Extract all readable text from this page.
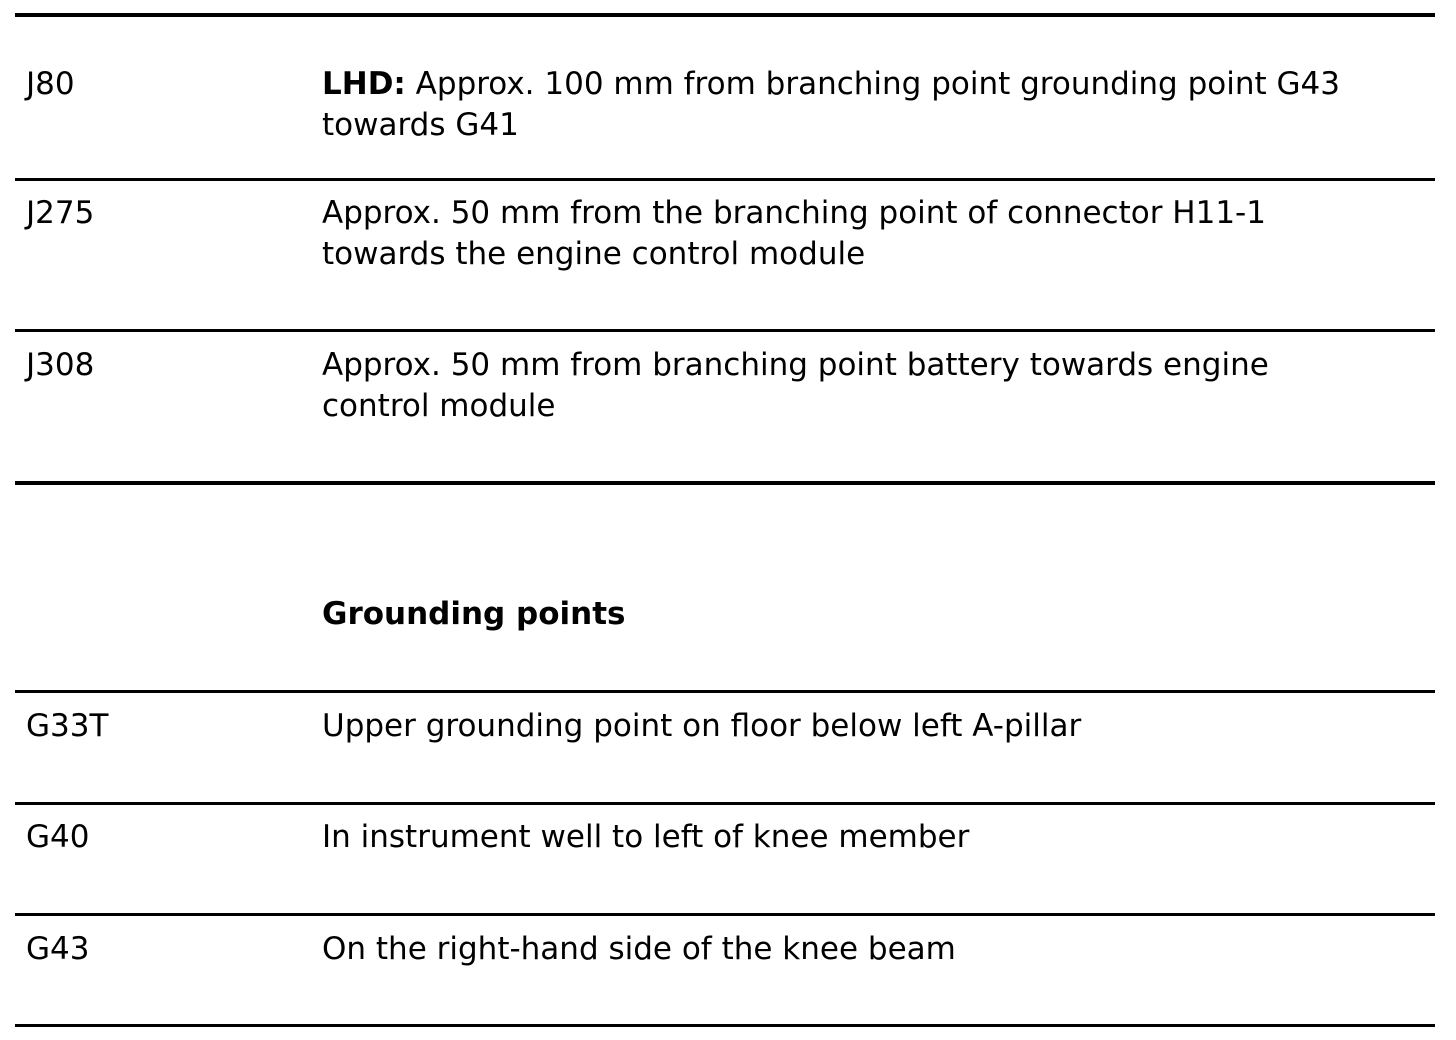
J80	LHD: Approx. 100 mm from branching point grounding point G43 towards G41
J275	Approx. 50 mm from the branching point of connector H11-1 towards the engine control module
J308	Approx. 50 mm from branching point battery towards engine control module
Grounding points
G33T	Upper grounding point on floor below left A-pillar
G40	In instrument well to left of knee member
G43	On the right-hand side of the knee beam
